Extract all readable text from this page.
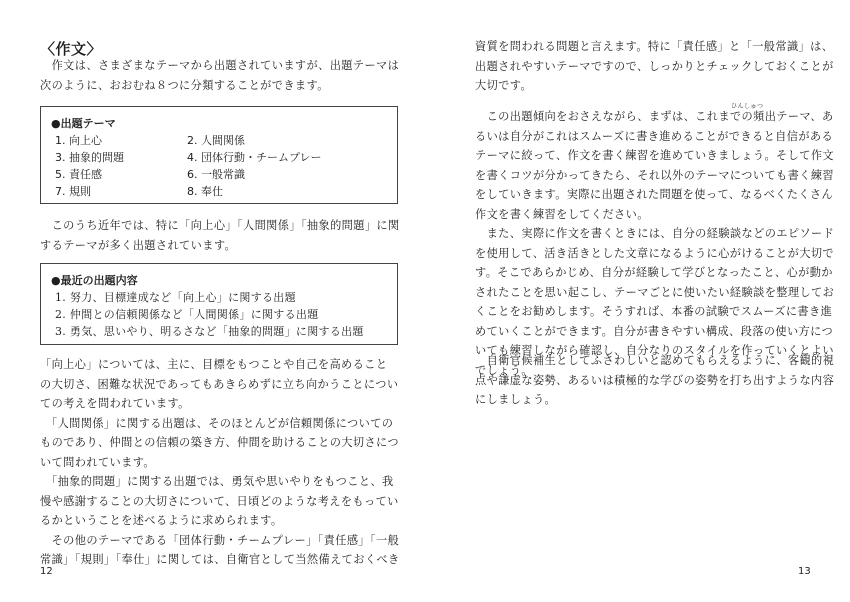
〈作文〉
　作文は、さまざまなテーマから出題されていますが、出題テーマは
次のように、おおむね８つに分類することができます。
●出題テーマ
1. 向上心	2. 人間関係
3. 抽象的問題	4. 団体行動・チームプレー
5. 責任感	6. 一般常識
7. 規則	8. 奉仕
　このうち近年では、特に「向上心」「人間関係」「抽象的問題」に関
するテーマが多く出題されています。
●最近の出題内容
1. 努力、目標達成など「向上心」に関する出題
2. 仲間との信頼関係など「人間関係」に関する出題
3. 勇気、思いやり、明るさなど「抽象的問題」に関する出題
「向上心」については、主に、目標をもつことや自己を高めること
の大切さ、困難な状況であってもあきらめずに立ち向かうことについ
ての考えを問われています。
　「人間関係」に関する出題は、そのほとんどが信頼関係についての
ものであり、仲間との信頼の築き方、仲間を助けることの大切さにつ
いて問われています。
　「抽象的問題」に関する出題では、勇気や思いやりをもつこと、我
慢や感謝することの大切さについて、日頃どのような考えをもってい
るかということを述べるように求められます。
　その他のテーマである「団体行動・チームプレー」「責任感」「一般
常識」「規則」「奉仕」に関しては、自衛官として当然備えておくべき
12
資質を問われる問題と言えます。特に「責任感」と「一般常識」は、
出題されやすいテーマですので、しっかりとチェックしておくことが
大切です。
ひんしゅつ
　この出題傾向をおさえながら、まずは、これまでの頻出テーマ、あ
るいは自分がこれはスムーズに書き進めることができると自信がある
テーマに絞って、作文を書く練習を進めていきましょう。そして作文
を書くコツが分かってきたら、それ以外のテーマについても書く練習
をしていきます。実際に出題された問題を使って、なるべくたくさん
作文を書く練習をしてください。
　また、実際に作文を書くときには、自分の経験談などのエピソード
を使用して、活き活きとした文章になるように心がけることが大切で
す。そこであらかじめ、自分が経験して学びとなったこと、心が動か
されたことを思い起こし、テーマごとに使いたい経験談を整理してお
くことをお勧めします。そうすれば、本番の試験でスムーズに書き進
めていくことができます。自分が書きやすい構成、段落の使い方につ
いても練習しながら確認し、自分なりのスタイルを作っていくとよい
でしょう。
　自衛官候補生としてふさわしいと認めてもらえるように、客観的視
点や謙虚な姿勢、あるいは積極的な学びの姿勢を打ち出すような内容
にしましょう。
13
